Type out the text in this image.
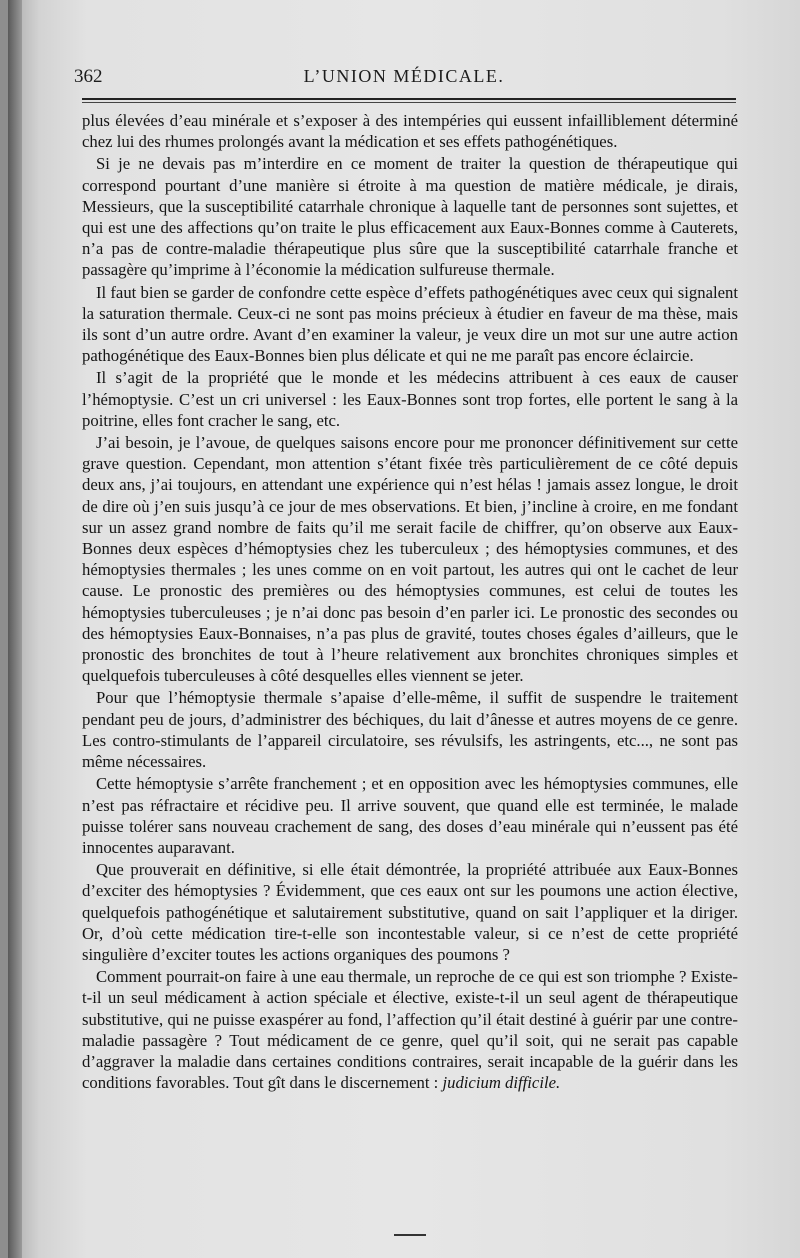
362	L’UNION MÉDICALE.

plus élevées d’eau minérale et s’exposer à des intempéries qui eussent infailliblement déterminé chez lui des rhumes prolongés avant la médication et ses effets pathogénétiques.

Si je ne devais pas m’interdire en ce moment de traiter la question de thérapeutique qui correspond pourtant d’une manière si étroite à ma question de matière médicale, je dirais, Messieurs, que la susceptibilité catarrhale chronique à laquelle tant de personnes sont sujettes, et qui est une des affections qu’on traite le plus efficacement aux Eaux-Bonnes comme à Cauterets, n’a pas de contre-maladie thérapeutique plus sûre que la susceptibilité catarrhale franche et passagère qu’imprime à l’économie la médication sulfureuse thermale.

Il faut bien se garder de confondre cette espèce d’effets pathogénétiques avec ceux qui signalent la saturation thermale. Ceux-ci ne sont pas moins précieux à étudier en faveur de ma thèse, mais ils sont d’un autre ordre. Avant d’en examiner la valeur, je veux dire un mot sur une autre action pathogénétique des Eaux-Bonnes bien plus délicate et qui ne me paraît pas encore éclaircie.

Il s’agit de la propriété que le monde et les médecins attribuent à ces eaux de causer l’hémoptysie. C’est un cri universel : les Eaux-Bonnes sont trop fortes, elle portent le sang à la poitrine, elles font cracher le sang, etc.

J’ai besoin, je l’avoue, de quelques saisons encore pour me prononcer définitivement sur cette grave question. Cependant, mon attention s’étant fixée très particulièrement de ce côté depuis deux ans, j’ai toujours, en attendant une expérience qui n’est hélas ! jamais assez longue, le droit de dire où j’en suis jusqu’à ce jour de mes observations. Et bien, j’incline à croire, en me fondant sur un assez grand nombre de faits qu’il me serait facile de chiffrer, qu’on observe aux Eaux-Bonnes deux espèces d’hémoptysies chez les tuberculeux ; des hémoptysies communes, et des hémoptysies thermales ; les unes comme on en voit partout, les autres qui ont le cachet de leur cause. Le pronostic des premières ou des hémoptysies communes, est celui de toutes les hémoptysies tuberculeuses ; je n’ai donc pas besoin d’en parler ici. Le pronostic des secondes ou des hémoptysies Eaux-Bonnaises, n’a pas plus de gravité, toutes choses égales d’ailleurs, que le pronostic des bronchites de tout à l’heure relativement aux bronchites chroniques simples et quelquefois tuberculeuses à côté desquelles elles viennent se jeter.

Pour que l’hémoptysie thermale s’apaise d’elle-même, il suffit de suspendre le traitement pendant peu de jours, d’administrer des béchiques, du lait d’ânesse et autres moyens de ce genre. Les contro-stimulants de l’appareil circulatoire, ses révulsifs, les astringents, etc..., ne sont pas même nécessaires.

Cette hémoptysie s’arrête franchement ; et en opposition avec les hémoptysies communes, elle n’est pas réfractaire et récidive peu. Il arrive souvent, que quand elle est terminée, le malade puisse tolérer sans nouveau crachement de sang, des doses d’eau minérale qui n’eussent pas été innocentes auparavant.

Que prouverait en définitive, si elle était démontrée, la propriété attribuée aux Eaux-Bonnes d’exciter des hémoptysies ? Évidemment, que ces eaux ont sur les poumons une action élective, quelquefois pathogénétique et salutairement substitutive, quand on sait l’appliquer et la diriger. Or, d’où cette médication tire-t-elle son incontestable valeur, si ce n’est de cette propriété singulière d’exciter toutes les actions organiques des poumons ?

Comment pourrait-on faire à une eau thermale, un reproche de ce qui est son triomphe ? Existe-t-il un seul médicament à action spéciale et élective, existe-t-il un seul agent de thérapeutique substitutive, qui ne puisse exaspérer au fond, l’affection qu’il était destiné à guérir par une contre-maladie passagère ? Tout médicament de ce genre, quel qu’il soit, qui ne serait pas capable d’aggraver la maladie dans certaines conditions contraires, serait incapable de la guérir dans les conditions favorables. Tout gît dans le discernement : judicium difficile.
